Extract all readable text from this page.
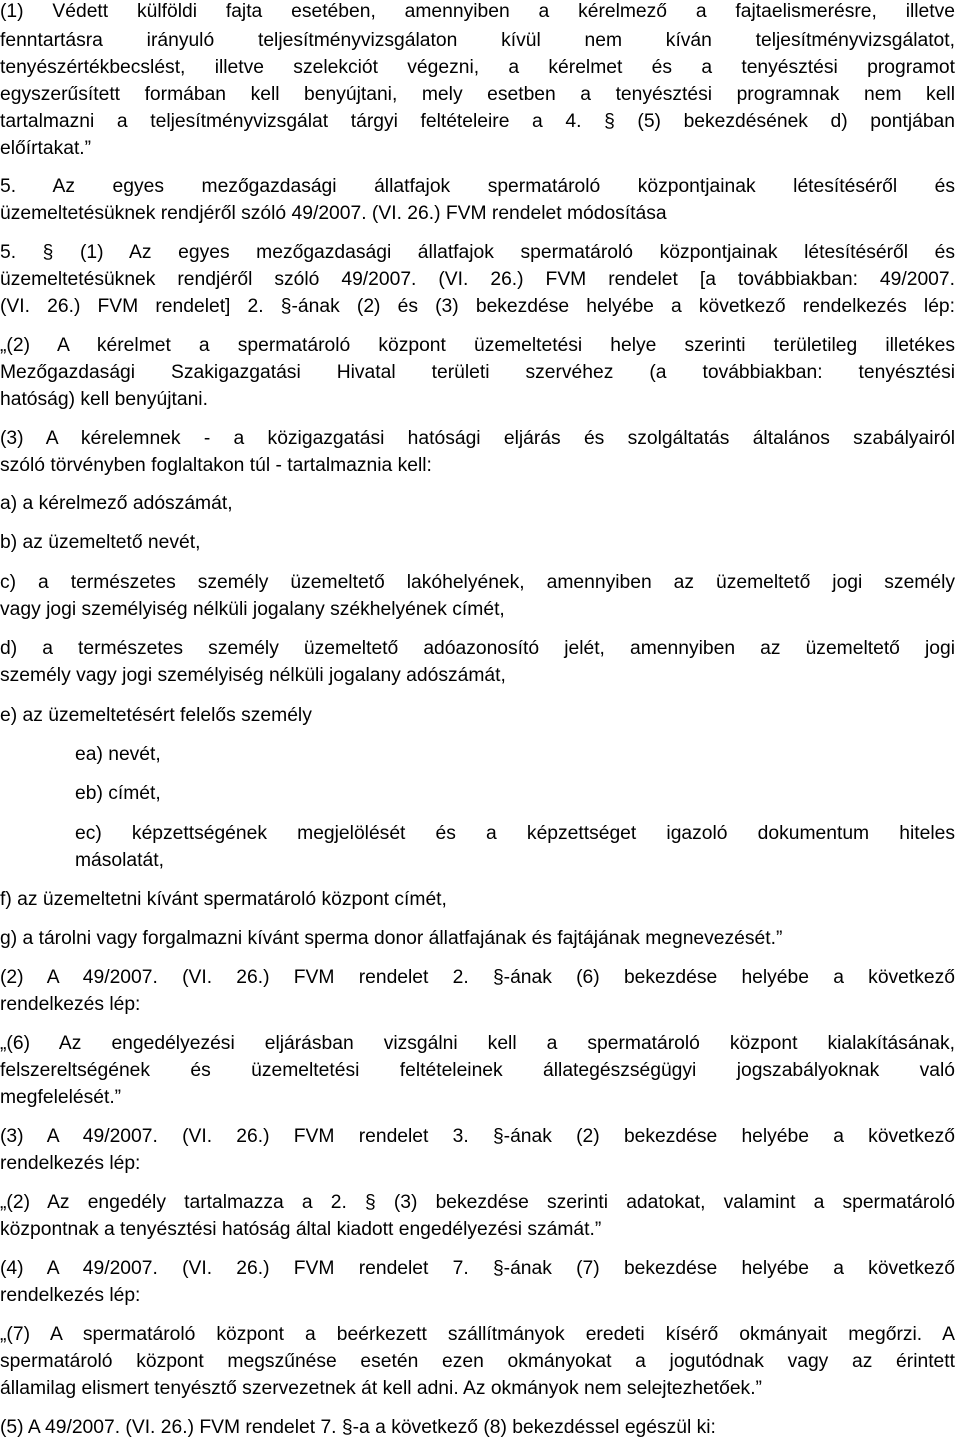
(1) Védett külföldi fajta esetében, amennyiben a kérelmező a fajtaelismerésre, illetve
fenntartásra irányuló teljesítményvizsgálaton kívül nem kíván teljesítményvizsgálatot,
tenyészértékbecslést, illetve szelekciót végezni, a kérelmet és a tenyésztési programot
egyszerűsített formában kell benyújtani, mely esetben a tenyésztési programnak nem kell
tartalmazni a teljesítményvizsgálat tárgyi feltételeire a 4. § (5) bekezdésének d) pontjában
előírtakat.”
5. Az egyes mezőgazdasági állatfajok spermatároló központjainak létesítéséről és
üzemeltetésüknek rendjéről szóló 49/2007. (VI. 26.) FVM rendelet módosítása
5. § (1) Az egyes mezőgazdasági állatfajok spermatároló központjainak létesítéséről és
üzemeltetésüknek rendjéről szóló 49/2007. (VI. 26.) FVM rendelet [a továbbiakban: 49/2007.
(VI. 26.) FVM rendelet] 2. §-ának (2) és (3) bekezdése helyébe a következő rendelkezés lép:
„(2) A kérelmet a spermatároló központ üzemeltetési helye szerinti területileg illetékes
Mezőgazdasági Szakigazgatási Hivatal területi szervéhez (a továbbiakban: tenyésztési
hatóság) kell benyújtani.
(3) A kérelemnek - a közigazgatási hatósági eljárás és szolgáltatás általános szabályairól
szóló törvényben foglaltakon túl - tartalmaznia kell:
a) a kérelmező adószámát,
b) az üzemeltető nevét,
c) a természetes személy üzemeltető lakóhelyének, amennyiben az üzemeltető jogi személy
vagy jogi személyiség nélküli jogalany székhelyének címét,
d) a természetes személy üzemeltető adóazonosító jelét, amennyiben az üzemeltető jogi
személy vagy jogi személyiség nélküli jogalany adószámát,
e) az üzemeltetésért felelős személy
ea) nevét,
eb) címét,
ec) képzettségének megjelölését és a képzettséget igazoló dokumentum hiteles
másolatát,
f) az üzemeltetni kívánt spermatároló központ címét,
g) a tárolni vagy forgalmazni kívánt sperma donor állatfajának és fajtájának megnevezését.”
(2) A 49/2007. (VI. 26.) FVM rendelet 2. §-ának (6) bekezdése helyébe a következő
rendelkezés lép:
„(6) Az engedélyezési eljárásban vizsgálni kell a spermatároló központ kialakításának,
felszereltségének és üzemeltetési feltételeinek állategészségügyi jogszabályoknak való
megfelelését.”
(3) A 49/2007. (VI. 26.) FVM rendelet 3. §-ának (2) bekezdése helyébe a következő
rendelkezés lép:
„(2) Az engedély tartalmazza a 2. § (3) bekezdése szerinti adatokat, valamint a spermatároló
központnak a tenyésztési hatóság által kiadott engedélyezési számát.”
(4) A 49/2007. (VI. 26.) FVM rendelet 7. §-ának (7) bekezdése helyébe a következő
rendelkezés lép:
„(7) A spermatároló központ a beérkezett szállítmányok eredeti kísérő okmányait megőrzi. A
spermatároló központ megszűnése esetén ezen okmányokat a jogutódnak vagy az érintett
államilag elismert tenyésztő szervezetnek át kell adni. Az okmányok nem selejtezhetőek.”
(5) A 49/2007. (VI. 26.) FVM rendelet 7. §-a a következő (8) bekezdéssel egészül ki:
